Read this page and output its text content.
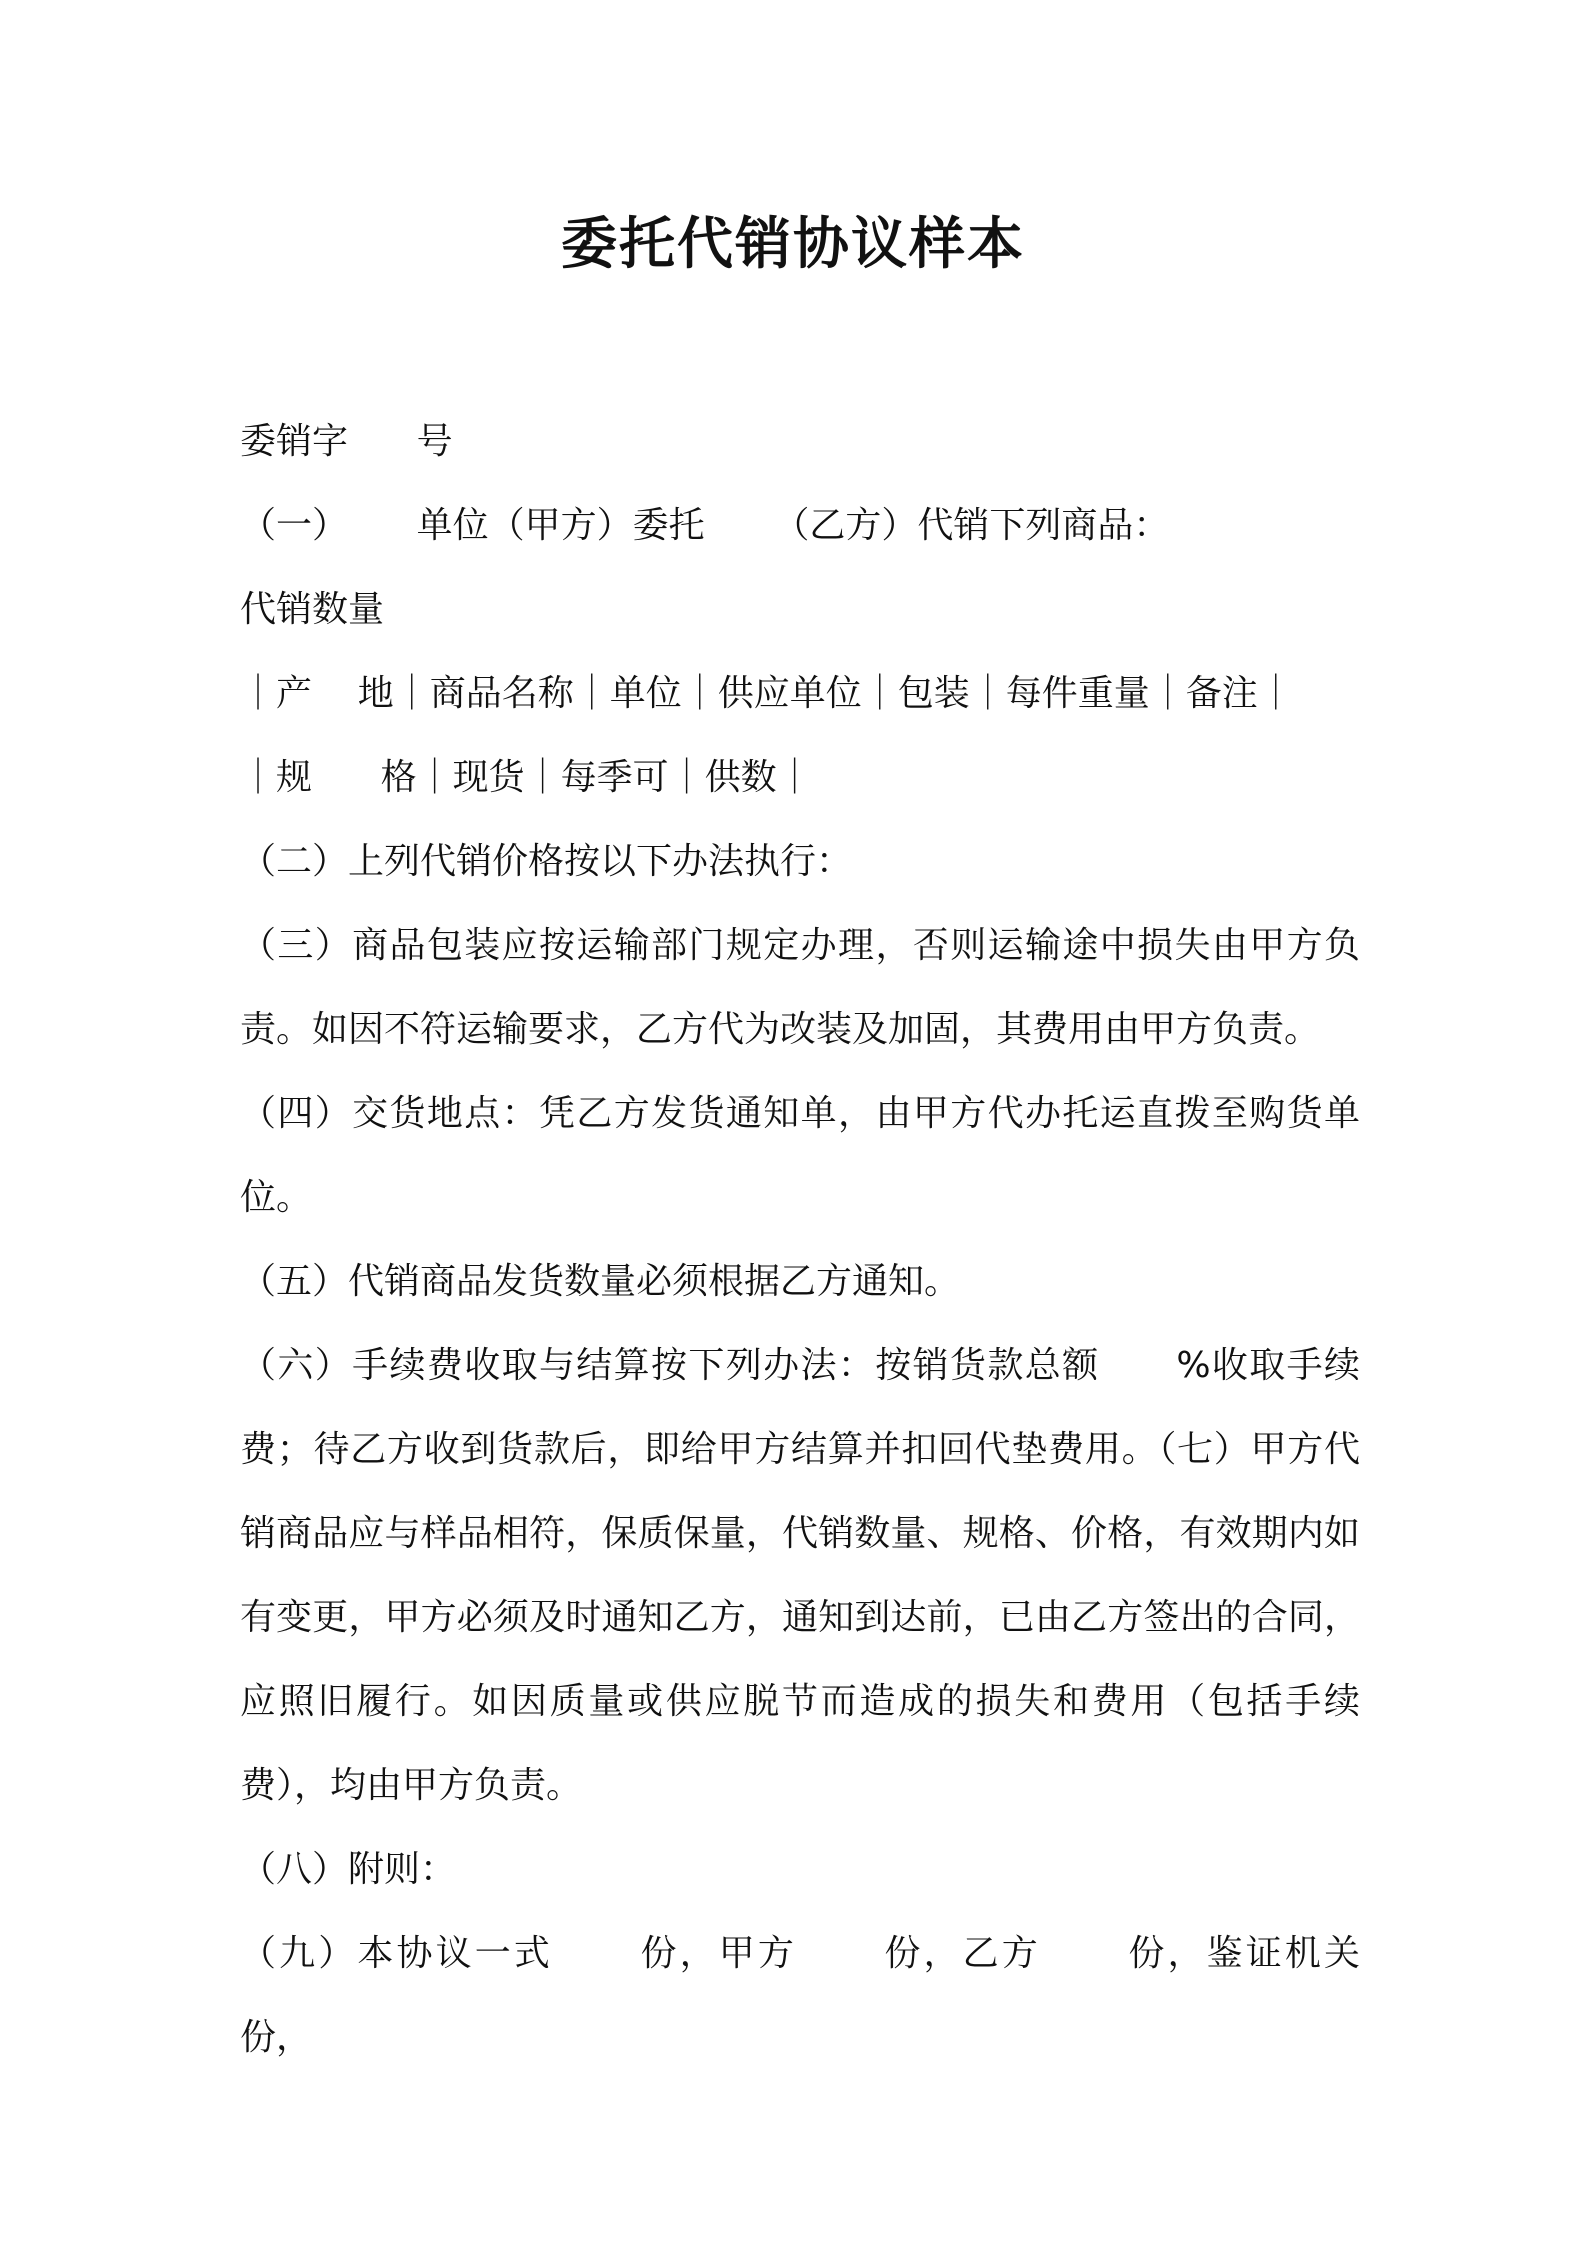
委托代销协议样本

委销字      号

（一）      单位（甲方）委托      （乙方）代销下列商品：

代销数量

｜产    地｜商品名称｜单位｜供应单位｜包装｜每件重量｜备注｜

｜规      格｜现货｜每季可｜供数｜

（二）上列代销价格按以下办法执行：

（三）商品包装应按运输部门规定办理，否则运输途中损失由甲方负责。如因不符运输要求，乙方代为改装及加固，其费用由甲方负责。

（四）交货地点：凭乙方发货通知单，由甲方代办托运直拨至购货单位。

（五）代销商品发货数量必须根据乙方通知。

（六）手续费收取与结算按下列办法：按销货款总额      %收取手续费；待乙方收到货款后，即给甲方结算并扣回代垫费用。（七）甲方代销商品应与样品相符，保质保量，代销数量、规格、价格，有效期内如有变更，甲方必须及时通知乙方，通知到达前，已由乙方签出的合同，应照旧履行。如因质量或供应脱节而造成的损失和费用（包括手续费），均由甲方负责。

（八）附则：

（九）本协议一式      份，甲方      份，乙方      份，鉴证机关      份，
